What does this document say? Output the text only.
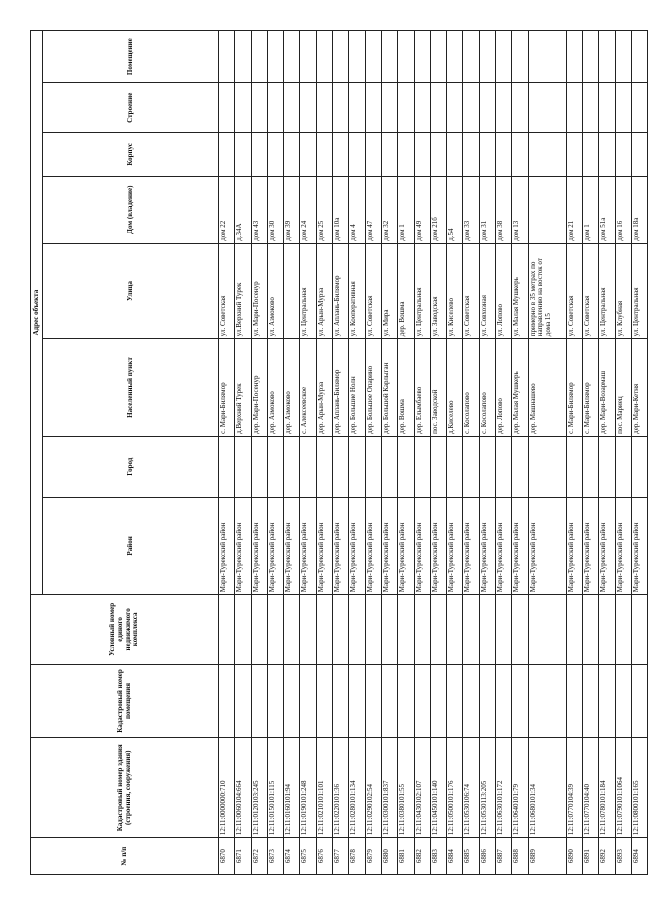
№ п/п	Кадастровый номер здания (строения, сооружения)	Кадастровый номер помещения	Условный номер единого недвижимого комплекса	Адрес объекта							
				Район	Город	Населенный пункт	Улица	Дом (владение)	Корпус	Строение	Помещение
6870	12:11:0000000:710			Мари-Турекский район		с. Мари-Билямор	ул. Советская	дом 22			
6871	12:11:0060104:664			Мари-Турекский район		д.Верхний Турек	ул.Верхний Турек	д.34А			
6872	12:11:0120103:245			Мари-Турекский район		дер. Мари-Посенур	ул. Мари-Посенур	дом 43			
6873	12:11:0150101:115			Мари-Турекский район		дер. Азмоково	ул. Азмоково	дом 30			
6874	12:11:0160101:94			Мари-Турекский район		дер. Азмоково		дом 39			
6875	12:11:0190101:248			Мари-Турекский район		с. Алексеевское	ул. Центральная	дом 24			
6876	12:11:0210101:101			Мари-Турекский район		дер. Арын-Мурза	ул. Арын-Мурза	дом 25			
6877	12:11:0220101:36			Мари-Турекский район		дер. Аплань-Билямор	ул. Аплань-Билямор	дом 10а			
6878	12:11:0280101:134			Мари-Турекский район		дер. Большие Нолн	ул. Кооперативная	дом 4			
6879	12:11:0290102:54			Мари-Турекский район		дер. Большое Опарино	ул. Советская	дом 47			
6880	12:11:0300101:837			Мари-Турекский район		дер. Большой Карлыган	ул. Мира	дом 32			
6881	12:11:0380101:55			Мари-Турекский район		дер. Вошма	дер. Вошма	дом 1			
6882	12:11:0430102:107			Мари-Турекский район		дер. Елымбаево	ул. Центральная	дом 49			
6883	12:11:0450101:140			Мари-Турекский район		пос. Заводской	ул. Заводская	дом 21б			
6884	12:11:0500101:176			Мари-Турекский район		д.Киселево	ул. Киселево	д.54			
6885	12:11:0530106:74			Мари-Турекский район		с. Косолапово	ул. Советская	дом 33			
6886	12:11:0530113:205			Мари-Турекский район		с. Косолапово	ул. Совхозная	дом 31			
6887	12:11:0630101:172			Мари-Турекский район		дер. Лопово	ул. Лопово	дом 38			
6888	12:11:0640101:79			Мари-Турекский район		дер. Малая Мушкерь	ул. Малая Мушкерь	дом 13			
6889	12:11:0680101:34			Мари-Турекский район		дер. Машнашево	примерно в 35 метрах по направлению на восток от дома 15				
6890	12:11:0770104:39			Мари-Турекский район		с. Мари-Билямор	ул. Советская	дом 21			
6891	12:11:0770104:40			Мари-Турекский район		с. Мари-Билямор	ул. Советская	дом 1			
6892	12:11:0780101:184			Мари-Турекский район		дер. Мари-Возармаш	ул. Центральная	дом 51а			
6893	12:11:0790101:1064			Мари-Турекский район		пос. Мариец	ул. Клубная	дом 16			
6894	12:11:0800101:165			Мари-Турекский район		дер. Мари-Кетня	ул. Центральная	дом 18а			
